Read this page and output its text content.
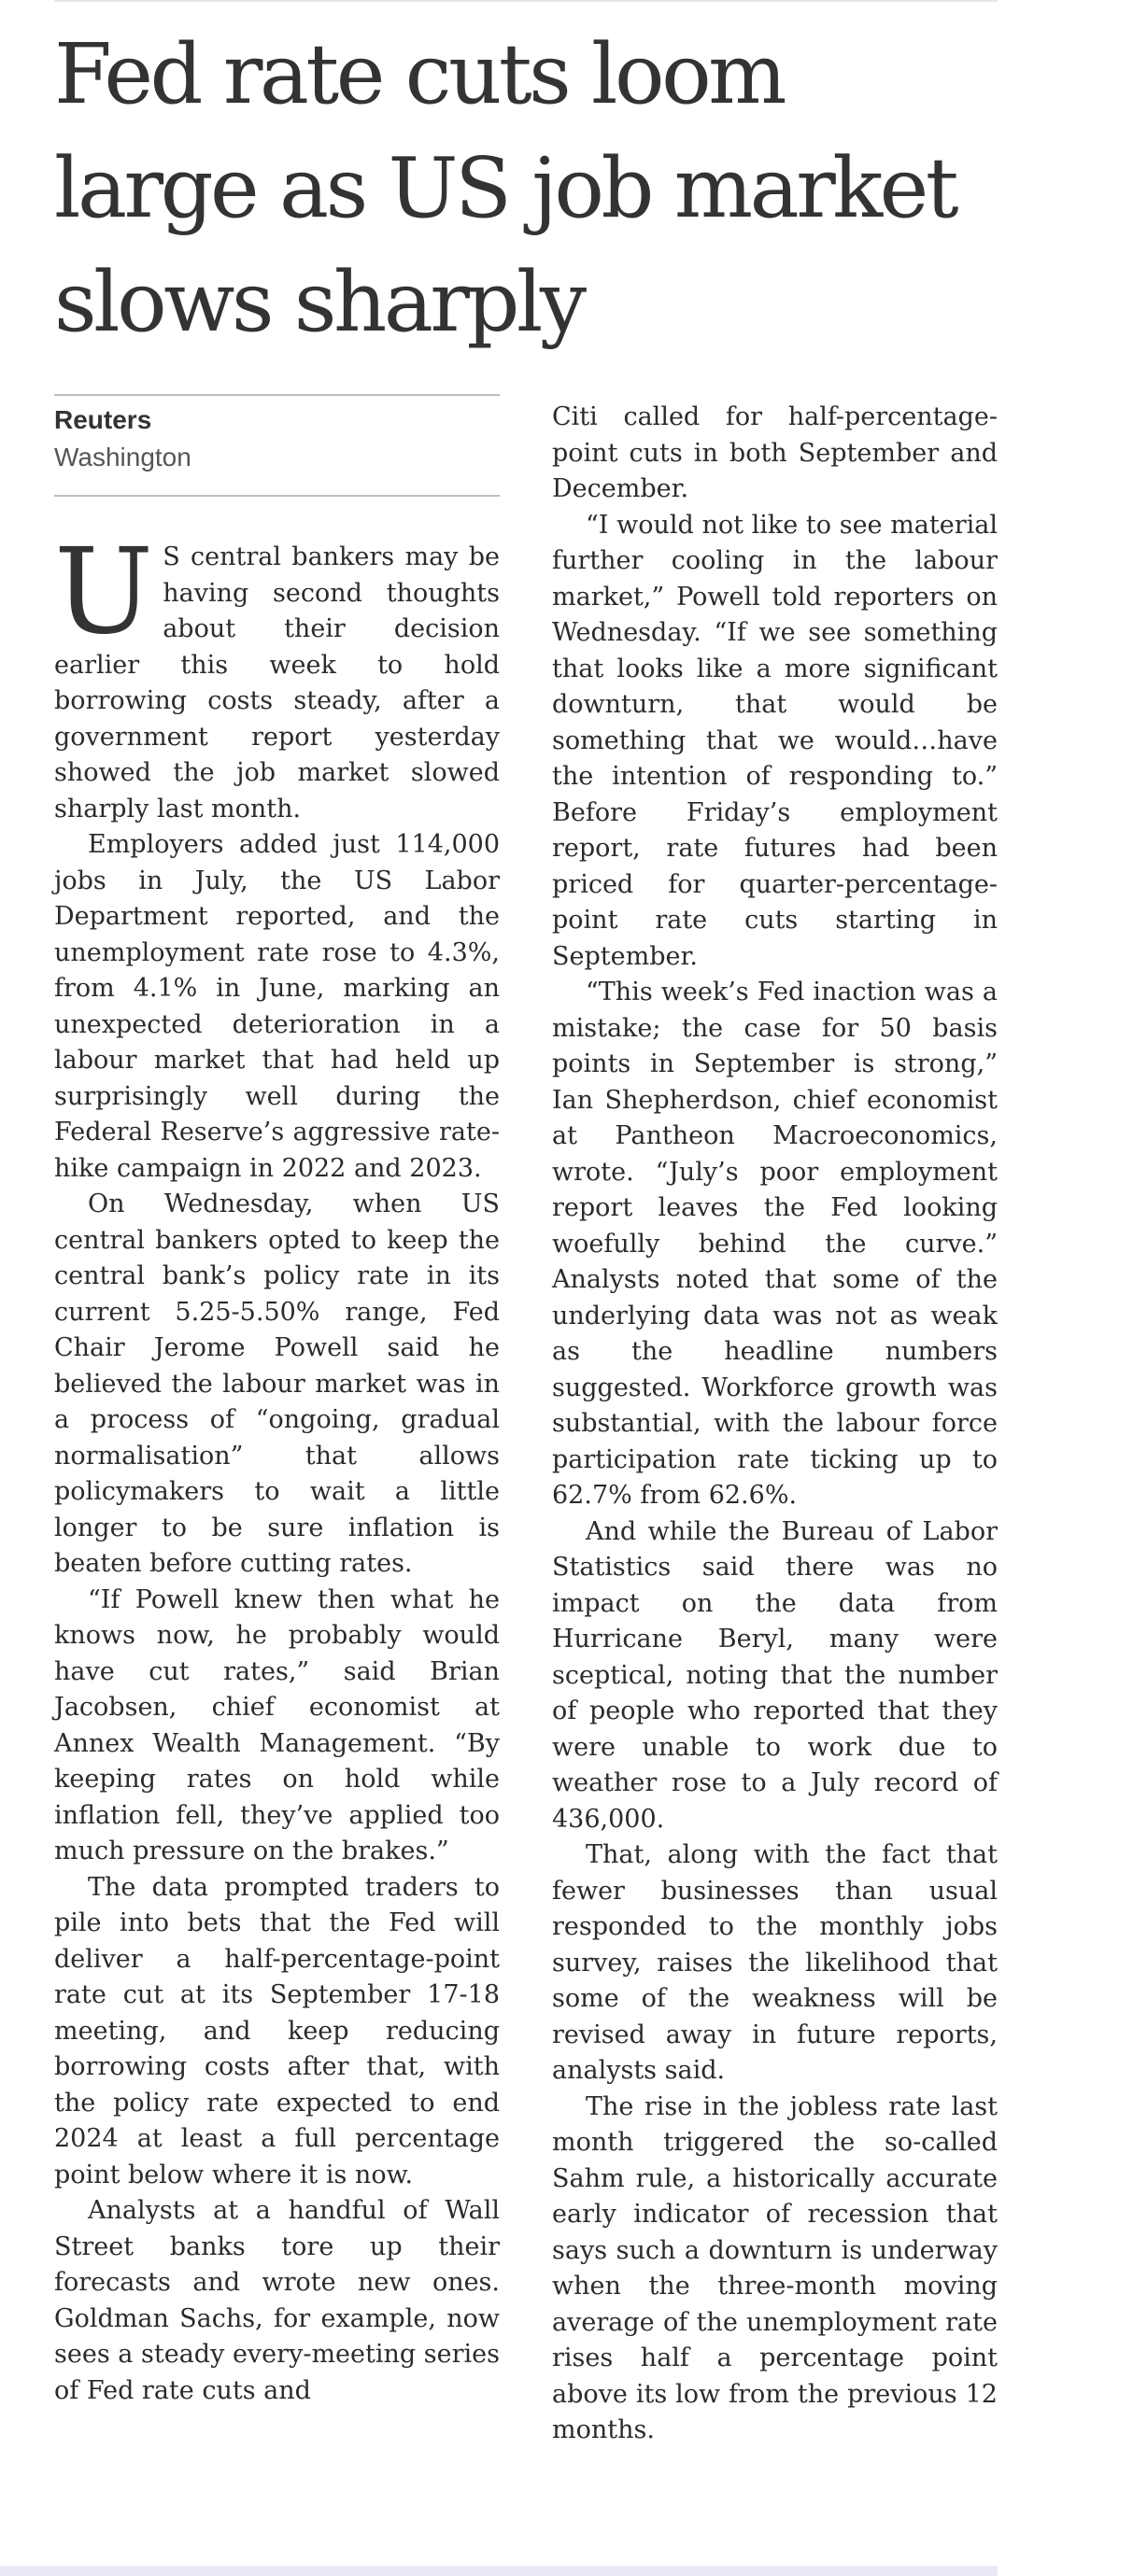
Fed rate cuts loom large as US job market slows sharply
Reuters
Washington

U S central bankers may be having second thoughts about their decision earlier this week to hold borrowing costs steady, after a government report yesterday showed the job market slowed sharply last month.

Employers added just 114,000 jobs in July, the US Labor Department reported, and the unemployment rate rose to 4.3%, from 4.1% in June, marking an unexpected deterioration in a labour market that had held up surprisingly well during the Federal Reserve’s aggressive rate-hike campaign in 2022 and 2023.

On Wednesday, when US central bankers opted to keep the central bank’s policy rate in its current 5.25-5.50% range, Fed Chair Jerome Powell said he believed the labour market was in a process of “ongoing, gradual normalisation” that allows policymakers to wait a little longer to be sure inflation is beaten before cutting rates.

“If Powell knew then what he knows now, he probably would have cut rates,” said Brian Jacobsen, chief economist at Annex Wealth Management. “By keeping rates on hold while inflation fell, they’ve applied too much pressure on the brakes.”

The data prompted traders to pile into bets that the Fed will deliver a half-percentage-point rate cut at its September 17-18 meeting, and keep reducing borrowing costs after that, with the policy rate expected to end 2024 at least a full percentage point below where it is now.

Analysts at a handful of Wall Street banks tore up their forecasts and wrote new ones. Goldman Sachs, for example, now sees a steady every-meeting series of Fed rate cuts and

Citi called for half-percentage-point cuts in both September and December.

“I would not like to see material further cooling in the labour market,” Powell told reporters on Wednesday. “If we see something that looks like a more significant downturn, that would be something that we would…have the intention of responding to.” Before Friday’s employment report, rate futures had been priced for quarter-percentage-point rate cuts starting in September.

“This week’s Fed inaction was a mistake; the case for 50 basis points in September is strong,” Ian Shepherdson, chief economist at Pantheon Macroeconomics, wrote. “July’s poor employment report leaves the Fed looking woefully behind the curve.” Analysts noted that some of the underlying data was not as weak as the headline numbers suggested. Workforce growth was substantial, with the labour force participation rate ticking up to 62.7% from 62.6%.

And while the Bureau of Labor Statistics said there was no impact on the data from Hurricane Beryl, many were sceptical, noting that the number of people who reported that they were unable to work due to weather rose to a July record of 436,000.

That, along with the fact that fewer businesses than usual responded to the monthly jobs survey, raises the likelihood that some of the weakness will be revised away in future reports, analysts said.

The rise in the jobless rate last month triggered the so-called Sahm rule, a historically accurate early indicator of recession that says such a downturn is underway when the three-month moving average of the unemployment rate rises half a percentage point above its low from the previous 12 months.
